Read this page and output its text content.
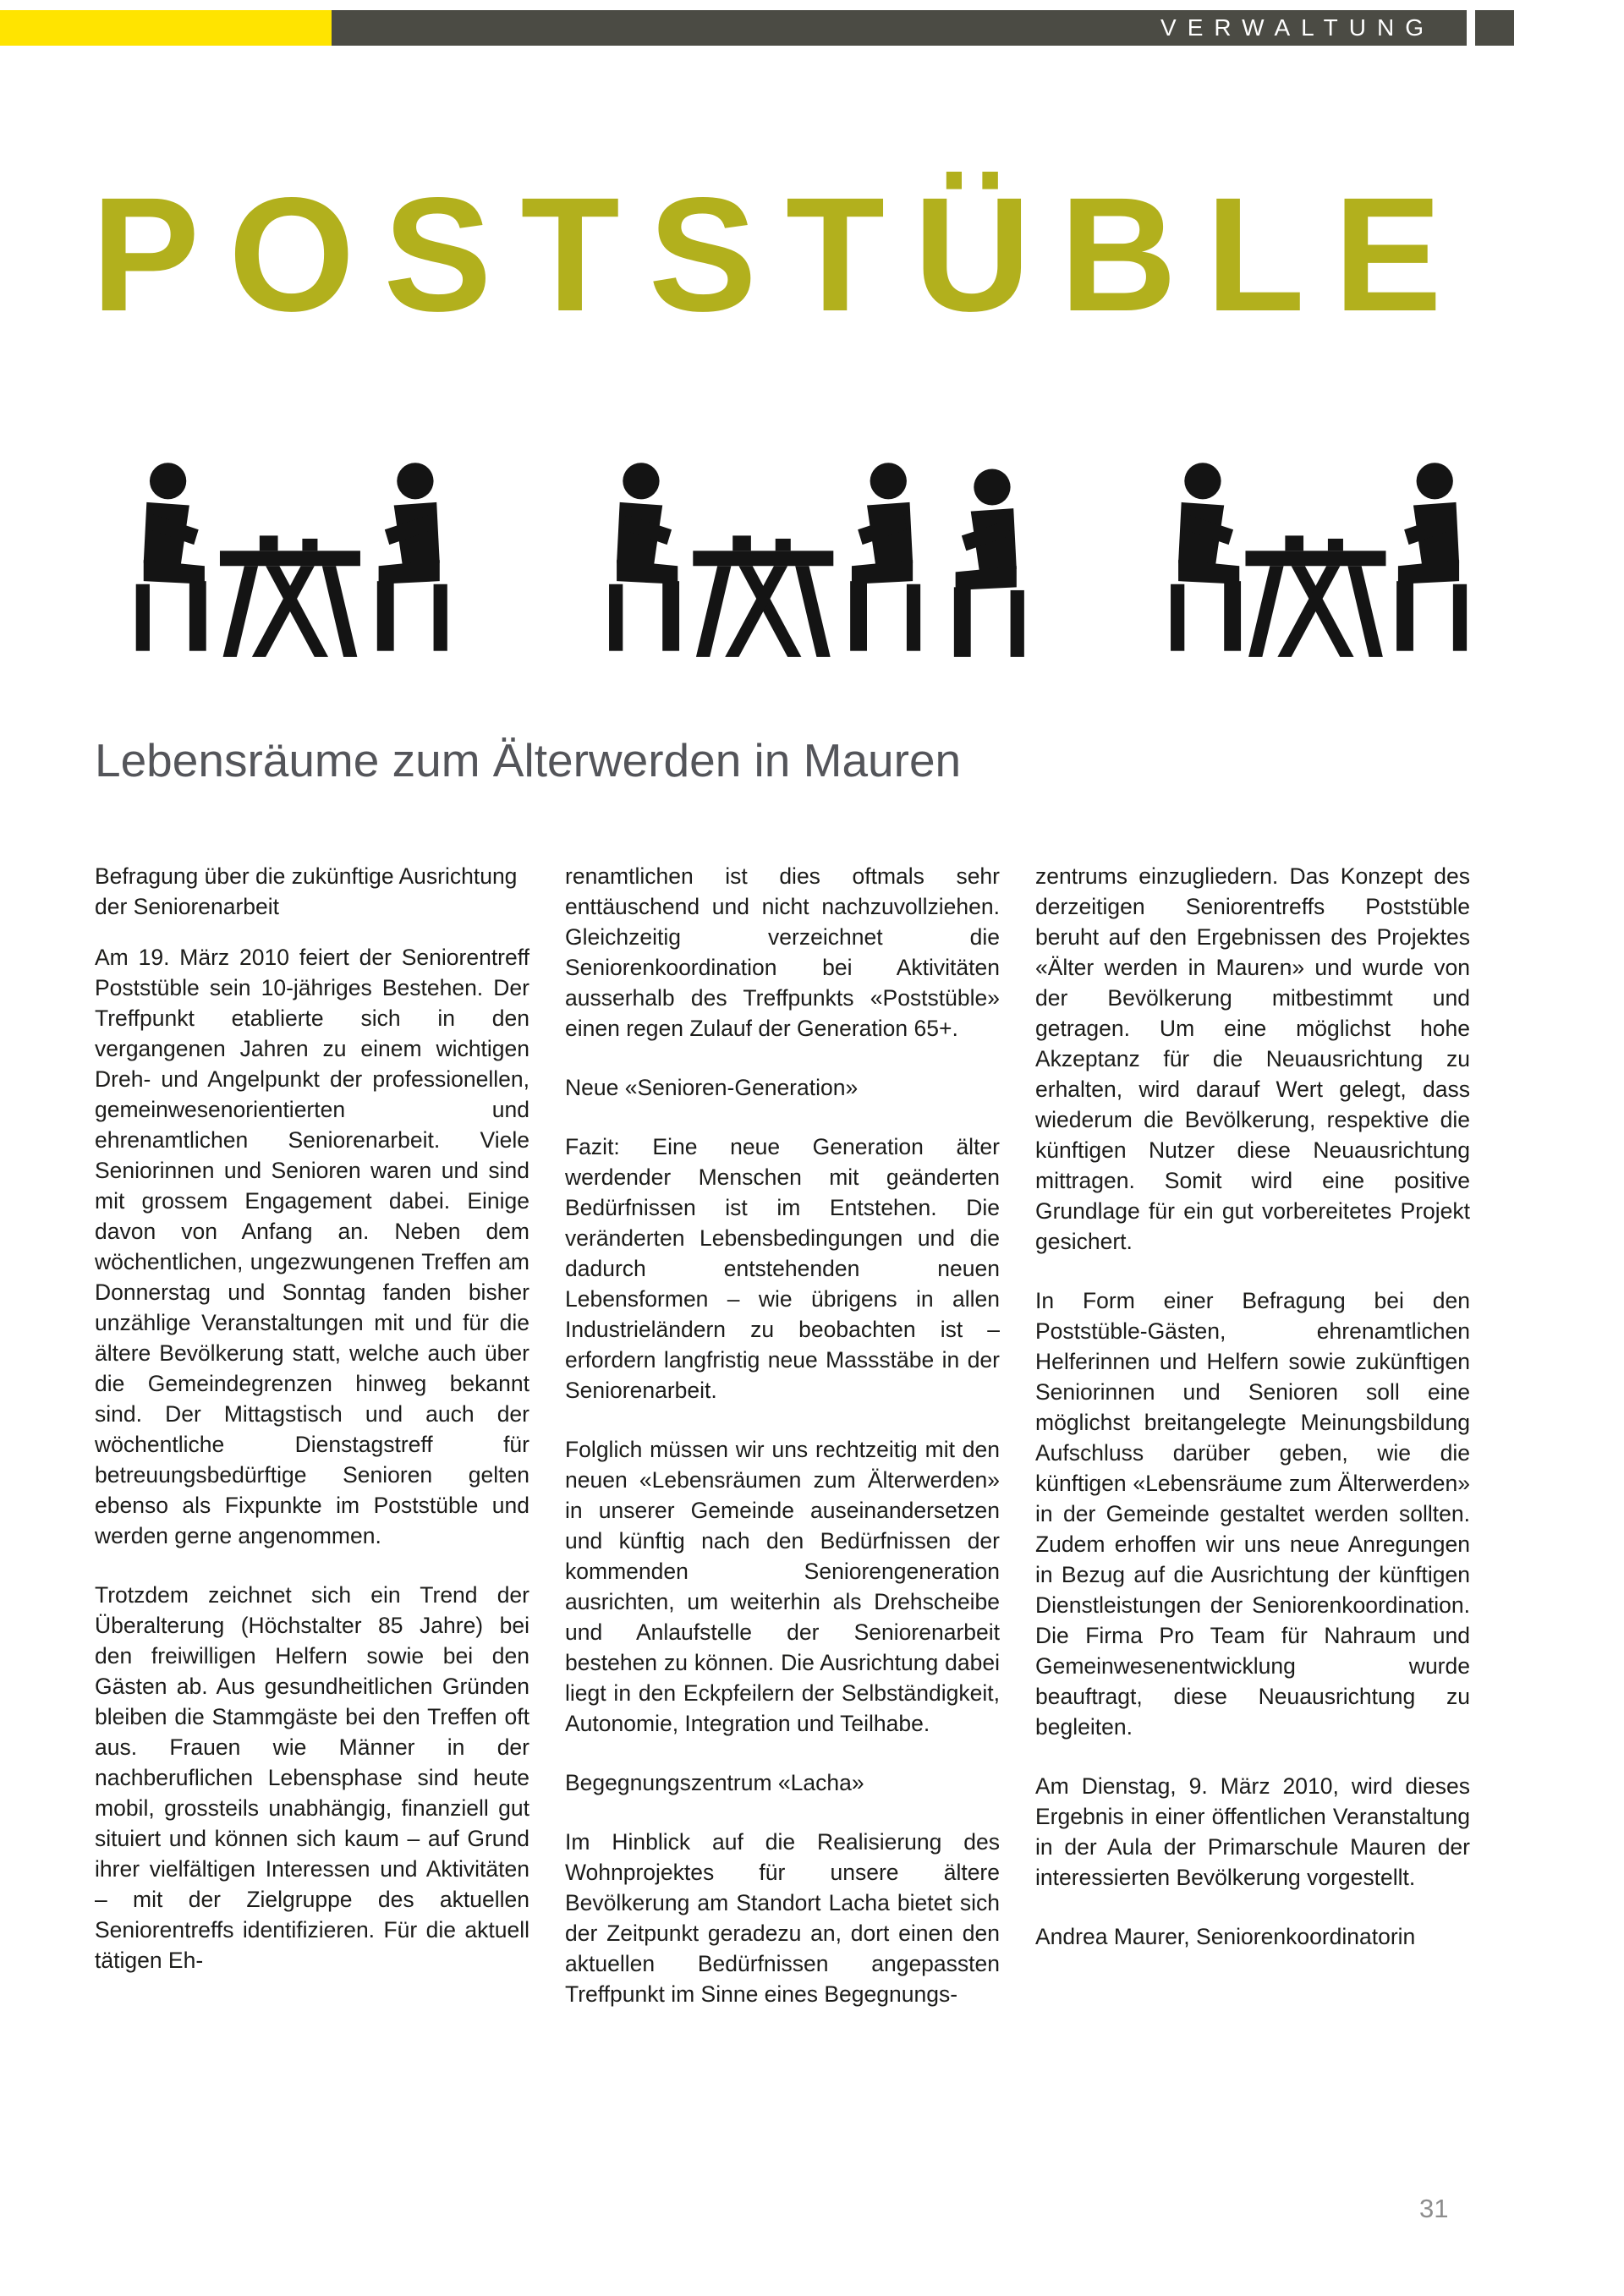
VERWALTUNG
POSTSTÜBLE
Lebensräume zum Älterwerden in Mauren

Befragung über die zukünftige Ausrichtung der Seniorenarbeit

Am 19. März 2010 feiert der Seniorentreff Poststüble sein 10-jähriges Bestehen. Der Treffpunkt etablierte sich in den vergangenen Jahren zu einem wichtigen Dreh- und Angelpunkt der professionellen, gemeinwesenorientierten und ehrenamtlichen Seniorenarbeit. Viele Seniorinnen und Senioren waren und sind mit grossem Engagement dabei. Einige davon von Anfang an. Neben dem wöchentlichen, ungezwungenen Treffen am Donnerstag und Sonntag fanden bisher unzählige Veranstaltungen mit und für die ältere Bevölkerung statt, welche auch über die Gemeindegrenzen hinweg bekannt sind. Der Mittagstisch und auch der wöchentliche Dienstagstreff für betreuungsbedürftige Senioren gelten ebenso als Fixpunkte im Poststüble und werden gerne angenommen.

Trotzdem zeichnet sich ein Trend der Überalterung (Höchstalter 85 Jahre) bei den freiwilligen Helfern sowie bei den Gästen ab. Aus gesundheitlichen Gründen bleiben die Stammgäste bei den Treffen oft aus. Frauen wie Männer in der nachberuflichen Lebensphase sind heute mobil, grossteils unabhängig, finanziell gut situiert und können sich kaum – auf Grund ihrer vielfältigen Interessen und Aktivitäten – mit der Zielgruppe des aktuellen Seniorentreffs identifizieren. Für die aktuell tätigen Eh-

renamtlichen ist dies oftmals sehr enttäuschend und nicht nachzuvollziehen. Gleichzeitig verzeichnet die Seniorenkoordination bei Aktivitäten ausserhalb des Treffpunkts «Poststüble» einen regen Zulauf der Generation 65+.

Neue «Senioren-Generation»

Fazit: Eine neue Generation älter werdender Menschen mit geänderten Bedürfnissen ist im Entstehen. Die veränderten Lebensbedingungen und die dadurch entstehenden neuen Lebensformen – wie übrigens in allen Industrieländern zu beobachten ist – erfordern langfristig neue Massstäbe in der Seniorenarbeit.

Folglich müssen wir uns rechtzeitig mit den neuen «Lebensräumen zum Älterwerden» in unserer Gemeinde auseinandersetzen und künftig nach den Bedürfnissen der kommenden Seniorengeneration ausrichten, um weiterhin als Drehscheibe und Anlaufstelle der Seniorenarbeit bestehen zu können. Die Ausrichtung dabei liegt in den Eckpfeilern der Selbständigkeit, Autonomie, Integration und Teilhabe.

Begegnungszentrum «Lacha»

Im Hinblick auf die Realisierung des Wohnprojektes für unsere ältere Bevölkerung am Standort Lacha bietet sich der Zeitpunkt geradezu an, dort einen den aktuellen Bedürfnissen angepassten Treffpunkt im Sinne eines Begegnungs-

zentrums einzugliedern. Das Konzept des derzeitigen Seniorentreffs Poststüble beruht auf den Ergebnissen des Projektes «Älter werden in Mauren» und wurde von der Bevölkerung mitbestimmt und getragen. Um eine möglichst hohe Akzeptanz für die Neuausrichtung zu erhalten, wird darauf Wert gelegt, dass wiederum die Bevölkerung, respektive die künftigen Nutzer diese Neuausrichtung mittragen. Somit wird eine positive Grundlage für ein gut vorbereitetes Projekt gesichert.

In Form einer Befragung bei den Poststüble-Gästen, ehrenamtlichen Helferinnen und Helfern sowie zukünftigen Seniorinnen und Senioren soll eine möglichst breitangelegte Meinungsbildung Aufschluss darüber geben, wie die künftigen «Lebensräume zum Älterwerden» in der Gemeinde gestaltet werden sollten. Zudem erhoffen wir uns neue Anregungen in Bezug auf die Ausrichtung der künftigen Dienstleistungen der Seniorenkoordination. Die Firma Pro Team für Nahraum und Gemeinwesenentwicklung wurde beauftragt, diese Neuausrichtung zu begleiten.

Am Dienstag, 9. März 2010, wird dieses Ergebnis in einer öffentlichen Veranstaltung in der Aula der Primarschule Mauren der interessierten Bevölkerung vorgestellt.

Andrea Maurer, Seniorenkoordinatorin

31
